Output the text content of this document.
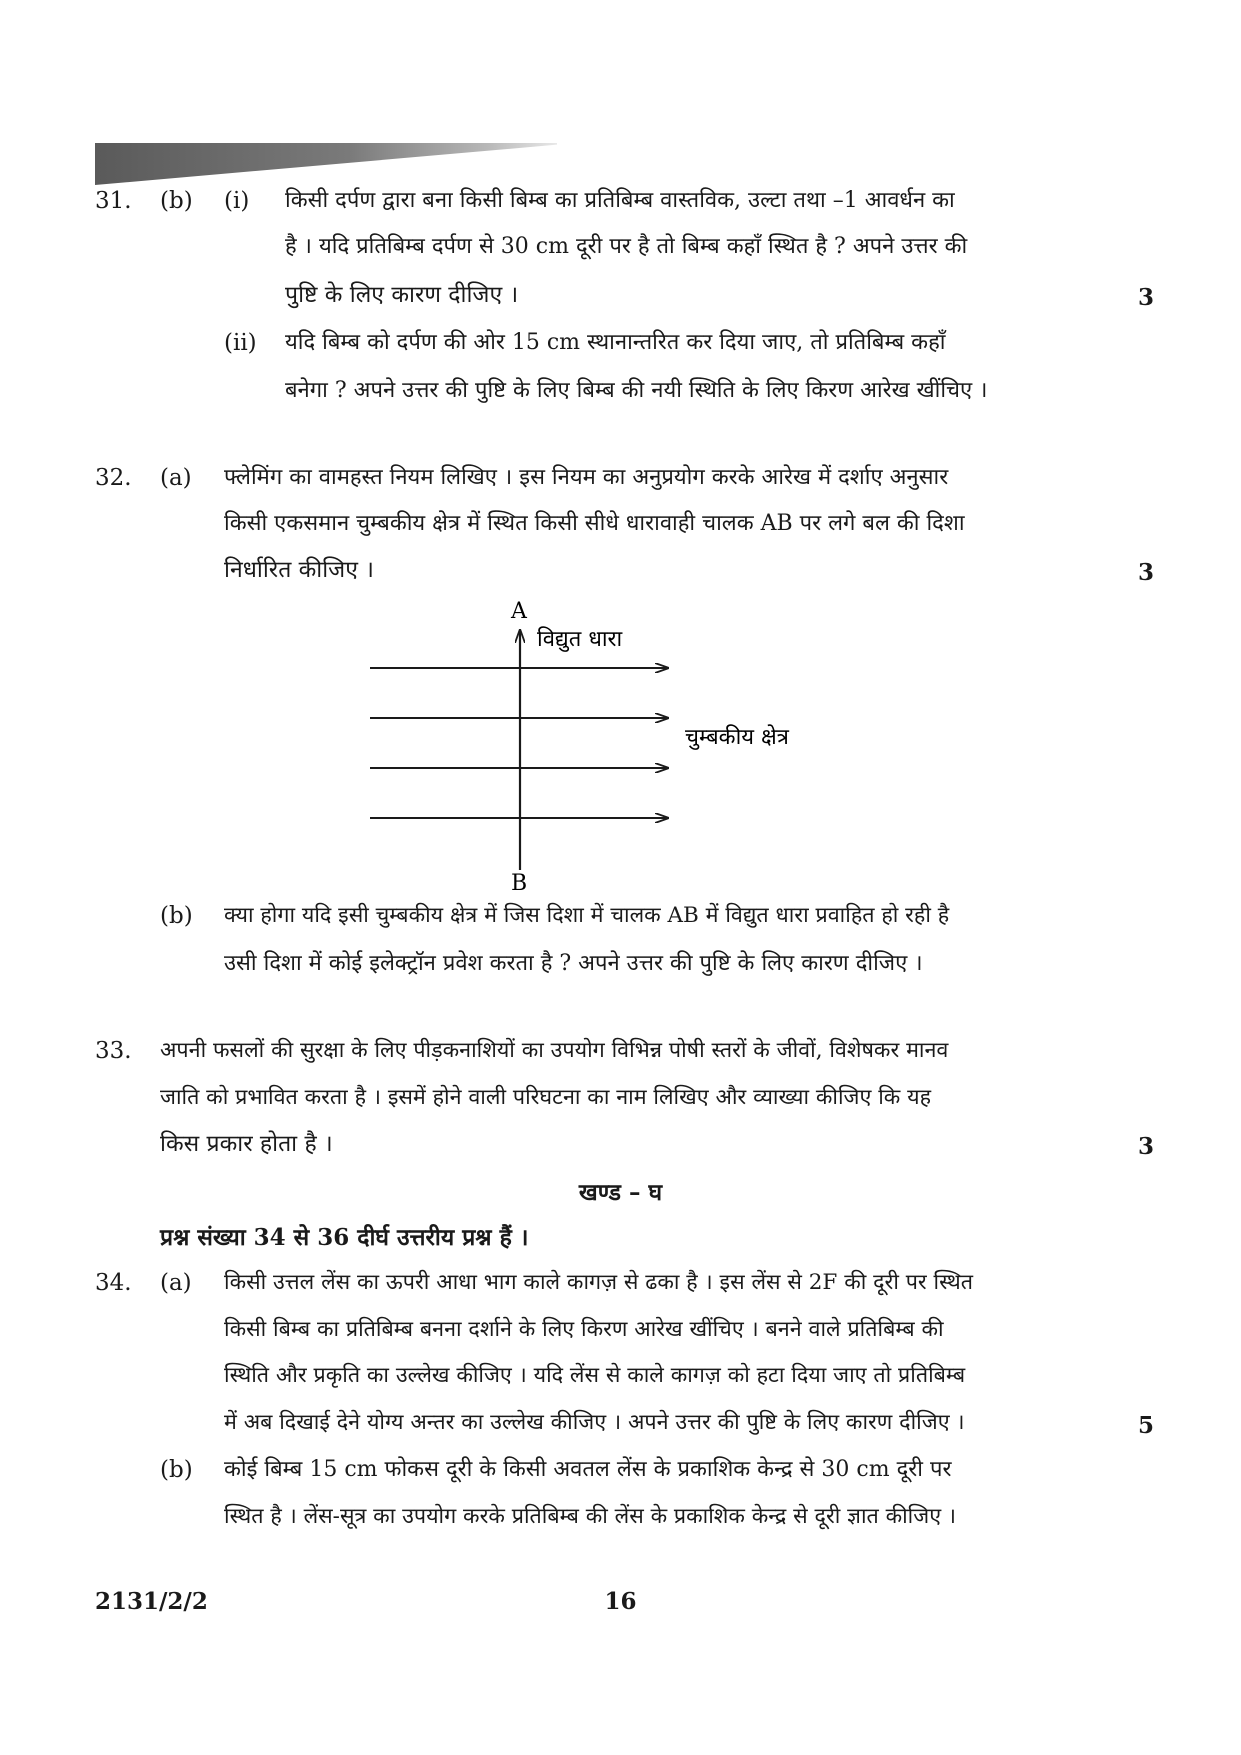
31. (b) (i) किसी दर्पण द्वारा बना किसी बिम्ब का प्रतिबिम्ब वास्तविक, उल्टा तथा –1 आवर्धन का
है । यदि प्रतिबिम्ब दर्पण से 30 cm दूरी पर है तो बिम्ब कहाँ स्थित है ? अपने उत्तर की
पुष्टि के लिए कारण दीजिए ।	3
(ii) यदि बिम्ब को दर्पण की ओर 15 cm स्थानान्तरित कर दिया जाए, तो प्रतिबिम्ब कहाँ
बनेगा ? अपने उत्तर की पुष्टि के लिए बिम्ब की नयी स्थिति के लिए किरण आरेख खींचिए ।
32. (a) फ्लेमिंग का वामहस्त नियम लिखिए । इस नियम का अनुप्रयोग करके आरेख में दर्शाए अनुसार
किसी एकसमान चुम्बकीय क्षेत्र में स्थित किसी सीधे धारावाही चालक AB पर लगे बल की दिशा
निर्धारित कीजिए ।	3
A
B
विद्युत धारा
चुम्बकीय क्षेत्र
(b) क्या होगा यदि इसी चुम्बकीय क्षेत्र में जिस दिशा में चालक AB में विद्युत धारा प्रवाहित हो रही है
उसी दिशा में कोई इलेक्ट्रॉन प्रवेश करता है ? अपने उत्तर की पुष्टि के लिए कारण दीजिए ।
33. अपनी फसलों की सुरक्षा के लिए पीड़कनाशियों का उपयोग विभिन्न पोषी स्तरों के जीवों, विशेषकर मानव
जाति को प्रभावित करता है । इसमें होने वाली परिघटना का नाम लिखिए और व्याख्या कीजिए कि यह
किस प्रकार होता है ।	3
खण्ड – घ
प्रश्न संख्या 34 से 36 दीर्घ उत्तरीय प्रश्न हैं ।
34. (a) किसी उत्तल लेंस का ऊपरी आधा भाग काले कागज़ से ढका है । इस लेंस से 2F की दूरी पर स्थित
किसी बिम्ब का प्रतिबिम्ब बनना दर्शाने के लिए किरण आरेख खींचिए । बनने वाले प्रतिबिम्ब की
स्थिति और प्रकृति का उल्लेख कीजिए । यदि लेंस से काले कागज़ को हटा दिया जाए तो प्रतिबिम्ब
में अब दिखाई देने योग्य अन्तर का उल्लेख कीजिए । अपने उत्तर की पुष्टि के लिए कारण दीजिए ।	5
(b) कोई बिम्ब 15 cm फोकस दूरी के किसी अवतल लेंस के प्रकाशिक केन्द्र से 30 cm दूरी पर
स्थित है । लेंस-सूत्र का उपयोग करके प्रतिबिम्ब की लेंस के प्रकाशिक केन्द्र से दूरी ज्ञात कीजिए ।
2131/2/2	16
